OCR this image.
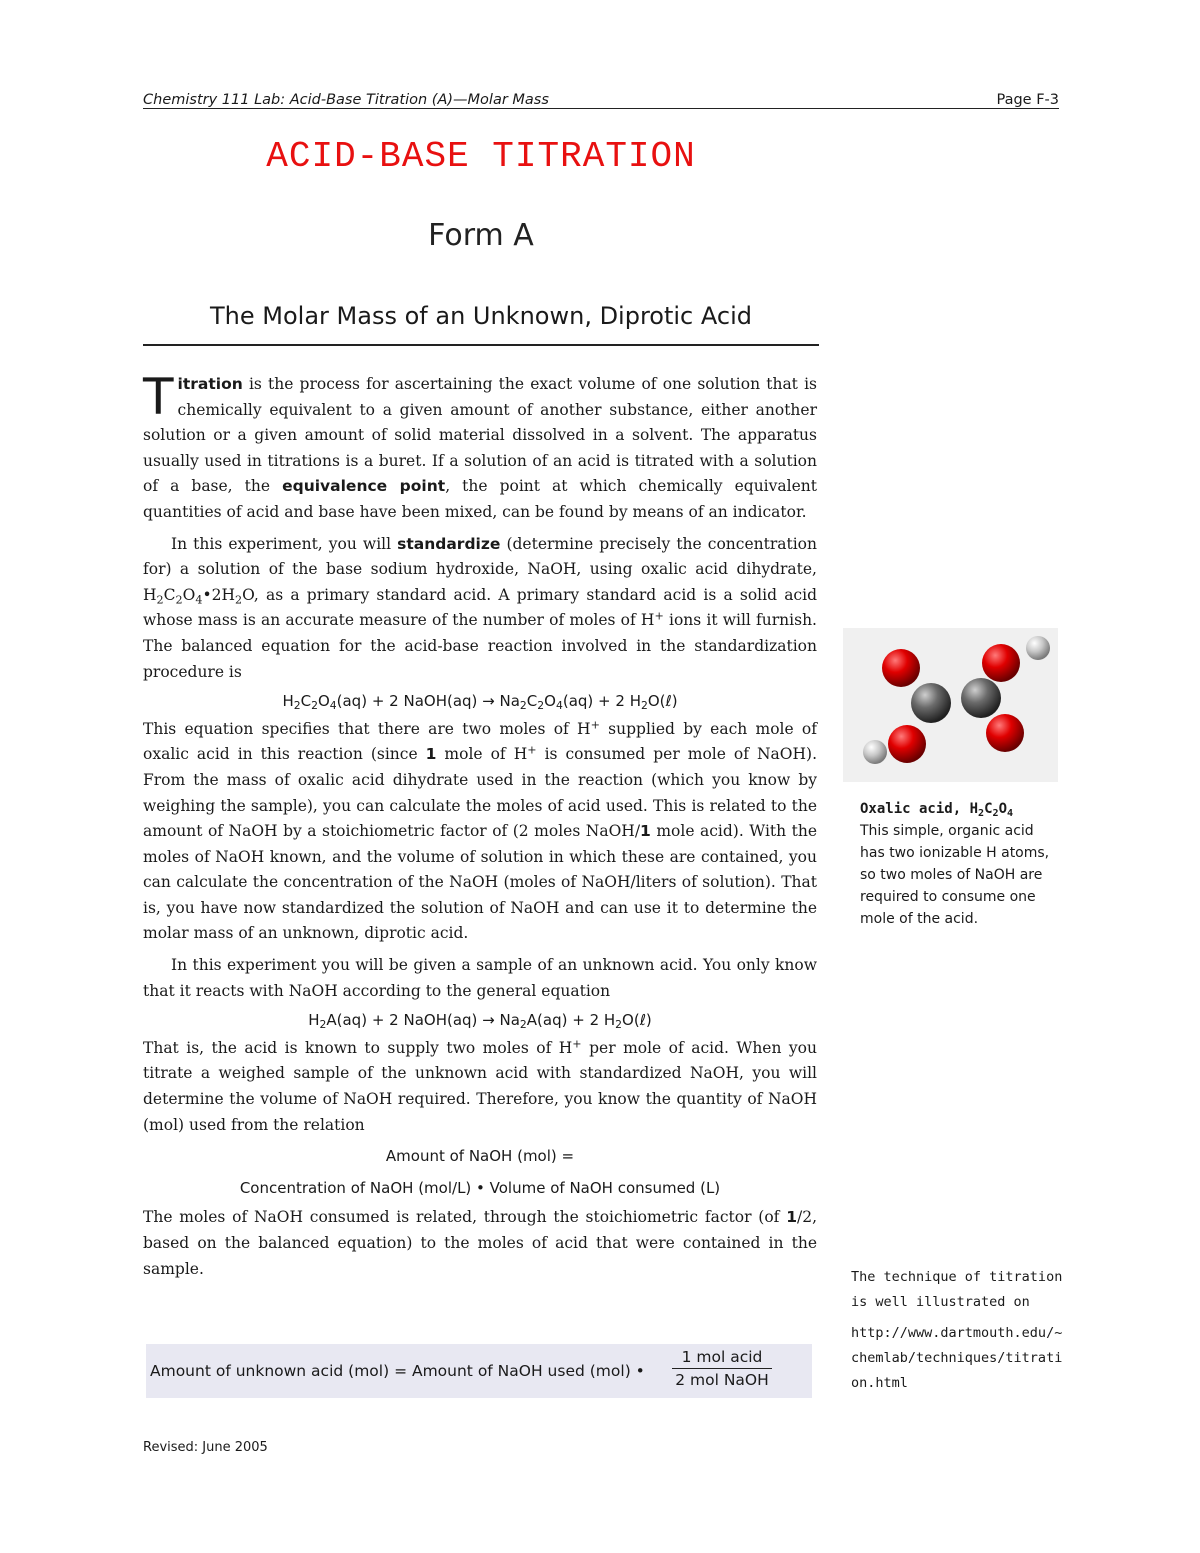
Chemistry 111 Lab: Acid-Base Titration (A)—Molar Mass	Page F-3
ACID-BASE TITRATION
Form A
The Molar Mass of an Unknown, Diprotic Acid

Titration is the process for ascertaining the exact volume of one solution that is chemically equivalent to a given amount of another substance, either another solution or a given amount of solid material dissolved in a solvent. The apparatus usually used in titrations is a buret. If a solution of an acid is titrated with a solution of a base, the equivalence point, the point at which chemically equivalent quantities of acid and base have been mixed, can be found by means of an indicator.

In this experiment, you will standardize (determine precisely the concentration for) a solution of the base sodium hydroxide, NaOH, using oxalic acid dihydrate, $H_2C_2O_4•2H_2O$, as a primary standard acid. A primary standard acid is a solid acid whose mass is an accurate measure of the number of moles of H+ ions it will furnish. The balanced equation for the acid-base reaction involved in the standardization procedure is

$H_2C_2O_4(aq) + 2$ NaOH(aq) → $Na_2C_2O_4(aq) + 2$ $H_2O(\ell)$

This equation specifies that there are two moles of H+ supplied by each mole of oxalic acid in this reaction (since 1 mole of H+ is consumed per mole of NaOH). From the mass of oxalic acid dihydrate used in the reaction (which you know by weighing the sample), you can calculate the moles of acid used. This is related to the amount of NaOH by a stoichiometric factor of (2 moles NaOH/1 mole acid). With the moles of NaOH known, and the volume of solution in which these are contained, you can calculate the concentration of the NaOH (moles of NaOH/liters of solution). That is, you have now standardized the solution of NaOH and can use it to determine the molar mass of an unknown, diprotic acid.

In this experiment you will be given a sample of an unknown acid. You only know that it reacts with NaOH according to the general equation

$H_2A(aq) + 2$ NaOH(aq) → $Na_2A(aq) + 2$ $H_2O(\ell)$

That is, the acid is known to supply two moles of H+ per mole of acid. When you titrate a weighed sample of the unknown acid with standardized NaOH, you will determine the volume of NaOH required. Therefore, you know the quantity of NaOH (mol) used from the relation

Amount of NaOH (mol) =
Concentration of NaOH (mol/L) • Volume of NaOH consumed (L)

The moles of NaOH consumed is related, through the stoichiometric factor (of 1/2, based on the balanced equation) to the moles of acid that were contained in the sample.

Amount of unknown acid (mol) = Amount of NaOH used (mol) •
1 mol acid
2 mol NaOH
Oxalic acid, $H_2C_2O_4$
This simple, organic acid has two ionizable H atoms, so two moles of NaOH are required to consume one mole of the acid.
The technique of titration is well illustrated on
http://www.dartmouth.edu/~chemlab/techniques/titration.html
Revised: June 2005
